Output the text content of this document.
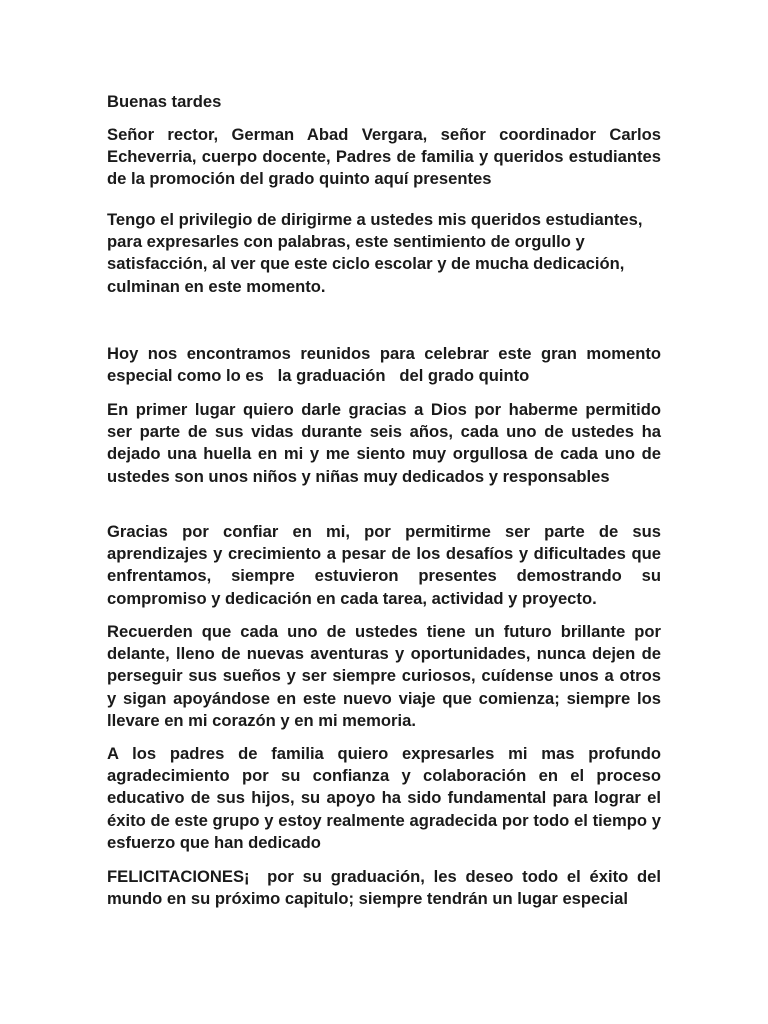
Buenas tardes

Señor rector, German Abad Vergara, señor coordinador Carlos Echeverria, cuerpo docente, Padres de familia y queridos estudiantes de la promoción del grado quinto aquí presentes

Tengo el privilegio de dirigirme a ustedes mis queridos estudiantes, para expresarles con palabras, este sentimiento de orgullo y satisfacción, al ver que este ciclo escolar y de mucha dedicación, culminan en este momento.

Hoy nos encontramos reunidos para celebrar este gran momento especial como lo es   la graduación   del grado quinto

En primer lugar quiero darle gracias a Dios por haberme permitido ser parte de sus vidas durante seis años, cada uno de ustedes ha dejado una huella en mi y me siento muy orgullosa de cada uno de ustedes son unos niños y niñas muy dedicados y responsables

Gracias por confiar en mi, por permitirme ser parte de sus aprendizajes y crecimiento a pesar de los desafíos y dificultades que enfrentamos, siempre estuvieron presentes demostrando su compromiso y dedicación en cada tarea, actividad y proyecto.

Recuerden que cada uno de ustedes tiene un futuro brillante por delante, lleno de nuevas aventuras y oportunidades, nunca dejen de perseguir sus sueños y ser siempre curiosos, cuídense unos a otros y sigan apoyándose en este nuevo viaje que comienza; siempre los llevare en mi corazón y en mi memoria.

A los padres de familia quiero expresarles mi mas profundo agradecimiento por su confianza y colaboración en el proceso educativo de sus hijos, su apoyo ha sido fundamental para lograr el éxito de este grupo y estoy realmente agradecida por todo el tiempo y esfuerzo que han dedicado

FELICITACIONES¡  por su graduación, les deseo todo el éxito del mundo en su próximo capitulo; siempre tendrán un lugar especial
